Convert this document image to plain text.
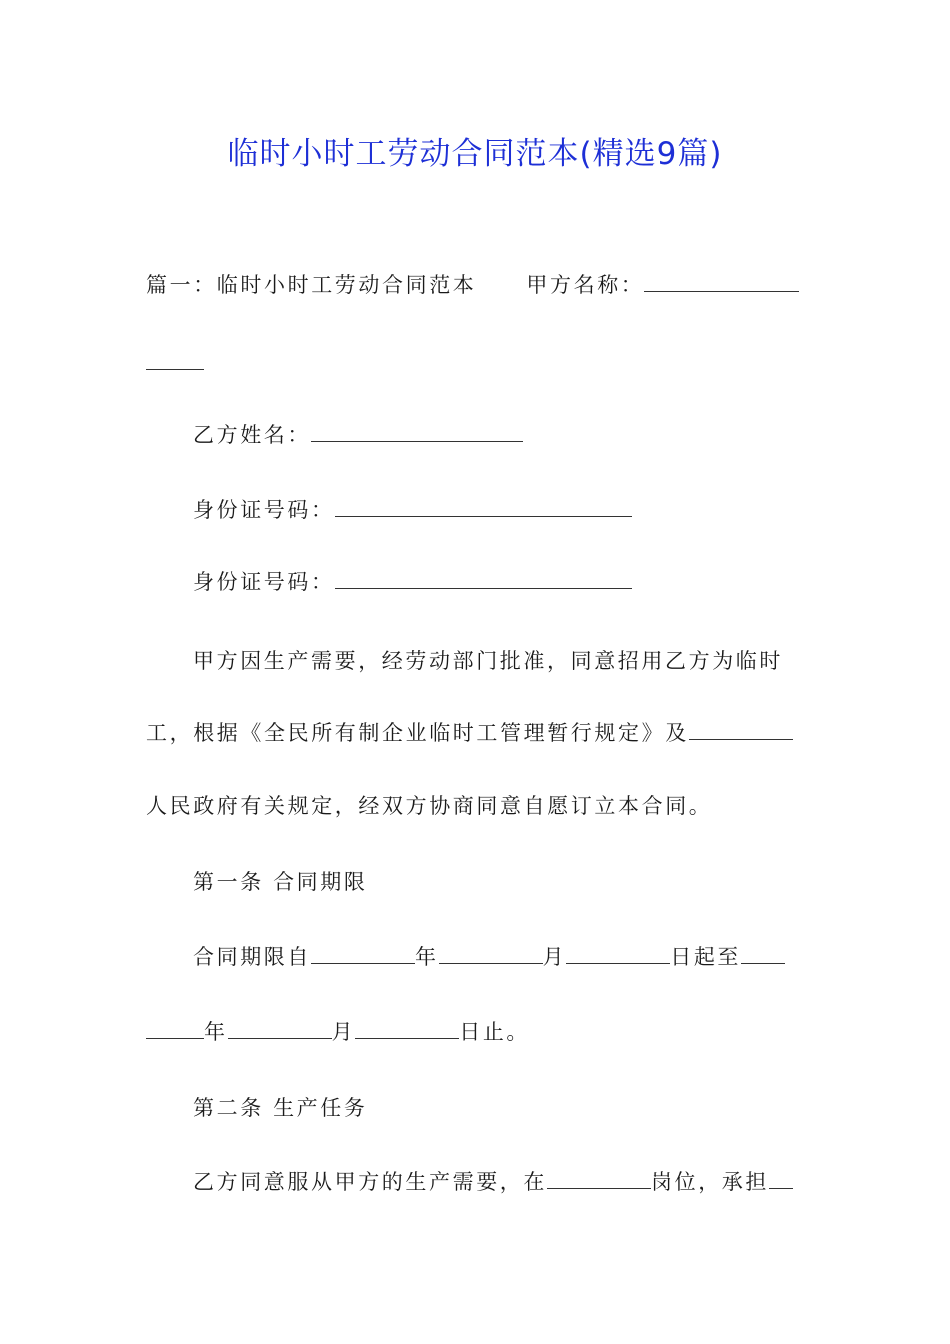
临时小时工劳动合同范本(精选9篇)
篇一：临时小时工劳动合同范本 甲方名称：
乙方姓名：
身份证号码：
身份证号码：
甲方因生产需要，经劳动部门批准，同意招用乙方为临时
工，根据《全民所有制企业临时工管理暂行规定》及
人民政府有关规定，经双方协商同意自愿订立本合同。
第一条 合同期限
合同期限自	年	月	日起至
年	月	日止。
第二条 生产任务
乙方同意服从甲方的生产需要，在	岗位，承担
